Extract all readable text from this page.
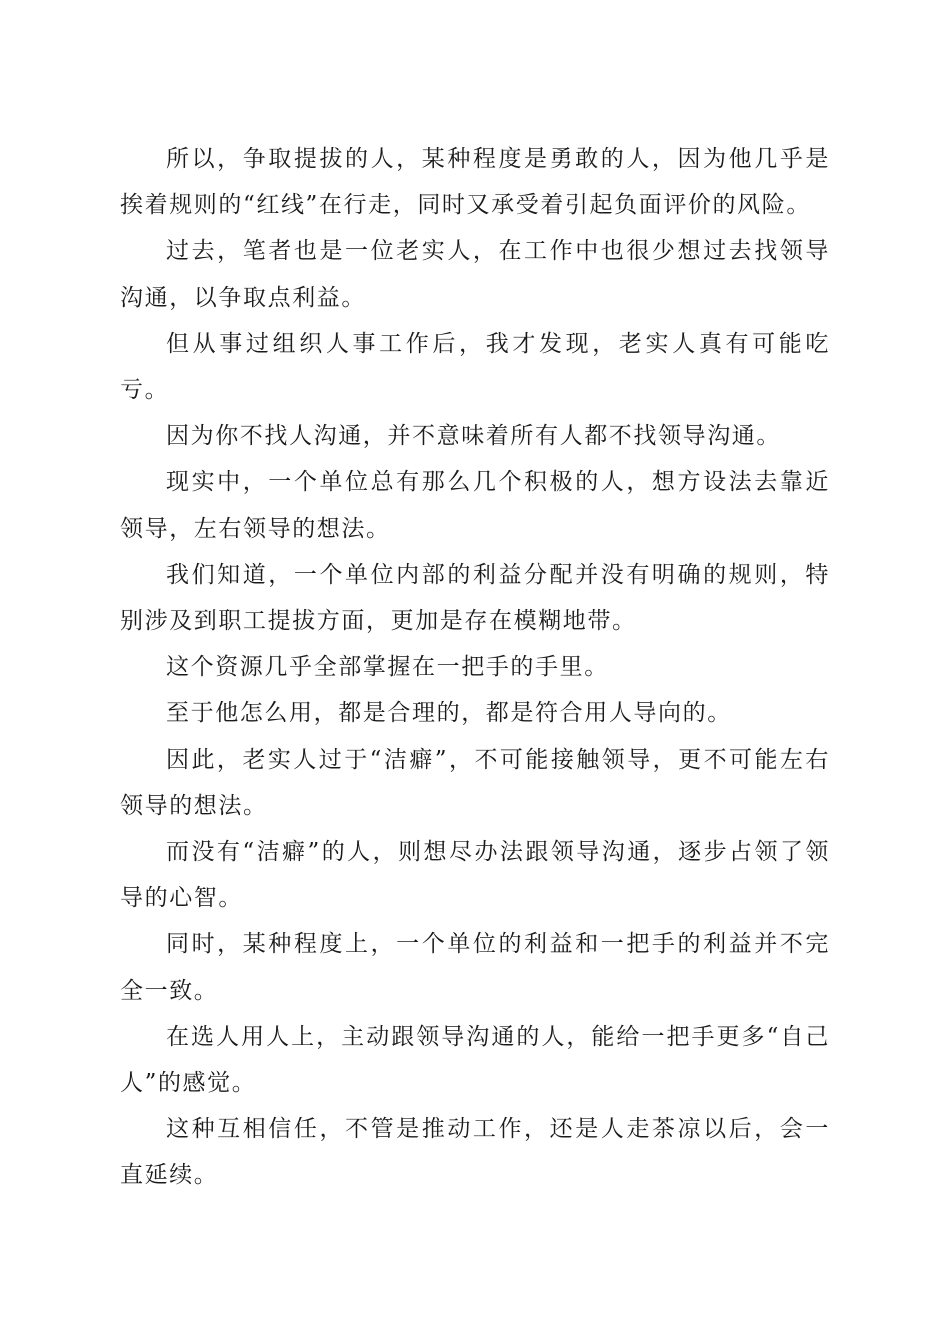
所以，争取提拔的人，某种程度是勇敢的人，因为他几乎是挨着规则的“红线”在行走，同时又承受着引起负面评价的风险。

过去，笔者也是一位老实人，在工作中也很少想过去找领导沟通，以争取点利益。

但从事过组织人事工作后，我才发现，老实人真有可能吃亏。

因为你不找人沟通，并不意味着所有人都不找领导沟通。

现实中，一个单位总有那么几个积极的人，想方设法去靠近领导，左右领导的想法。

我们知道，一个单位内部的利益分配并没有明确的规则，特别涉及到职工提拔方面，更加是存在模糊地带。

这个资源几乎全部掌握在一把手的手里。

至于他怎么用，都是合理的，都是符合用人导向的。

因此，老实人过于“洁癖”，不可能接触领导，更不可能左右领导的想法。

而没有“洁癖”的人，则想尽办法跟领导沟通，逐步占领了领导的心智。

同时，某种程度上，一个单位的利益和一把手的利益并不完全一致。

在选人用人上，主动跟领导沟通的人，能给一把手更多“自己人”的感觉。

这种互相信任，不管是推动工作，还是人走茶凉以后，会一直延续。
